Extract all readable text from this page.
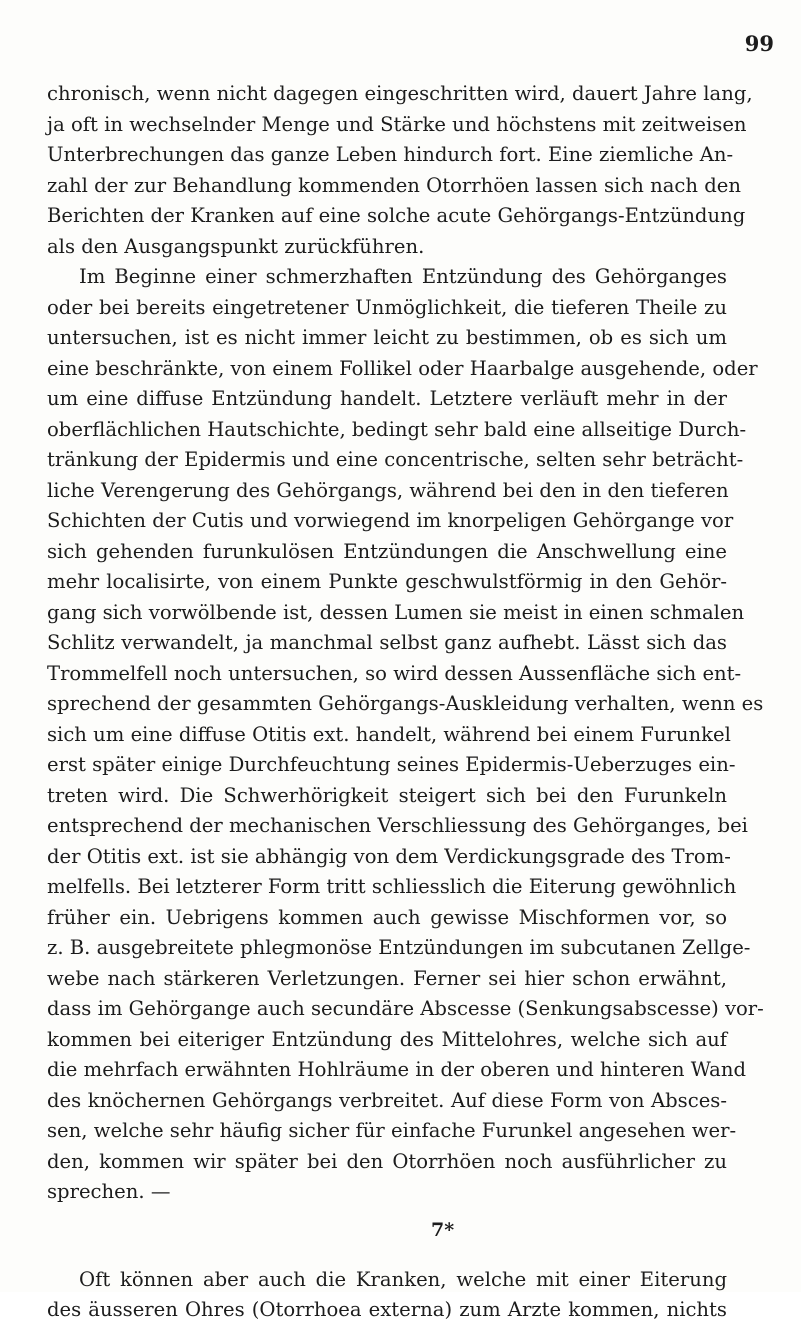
99
chronisch, wenn nicht dagegen eingeschritten wird, dauert Jahre lang,
ja oft in wechselnder Menge und Stärke und höchstens mit zeitweisen
Unterbrechungen das ganze Leben hindurch fort. Eine ziemliche An-
zahl der zur Behandlung kommenden Otorrhöen lassen sich nach den
Berichten der Kranken auf eine solche acute Gehörgangs-Entzündung
als den Ausgangspunkt zurückführen.
Im Beginne einer schmerzhaften Entzündung des Gehörganges
oder bei bereits eingetretener Unmöglichkeit, die tieferen Theile zu
untersuchen, ist es nicht immer leicht zu bestimmen, ob es sich um
eine beschränkte, von einem Follikel oder Haarbalge ausgehende, oder
um eine diffuse Entzündung handelt. Letztere verläuft mehr in der
oberflächlichen Hautschichte, bedingt sehr bald eine allseitige Durch-
tränkung der Epidermis und eine concentrische, selten sehr beträcht-
liche Verengerung des Gehörgangs, während bei den in den tieferen
Schichten der Cutis und vorwiegend im knorpeligen Gehörgange vor
sich gehenden furunkulösen Entzündungen die Anschwellung eine
mehr localisirte, von einem Punkte geschwulstförmig in den Gehör-
gang sich vorwölbende ist, dessen Lumen sie meist in einen schmalen
Schlitz verwandelt, ja manchmal selbst ganz aufhebt. Lässt sich das
Trommelfell noch untersuchen, so wird dessen Aussenfläche sich ent-
sprechend der gesammten Gehörgangs-Auskleidung verhalten, wenn es
sich um eine diffuse Otitis ext. handelt, während bei einem Furunkel
erst später einige Durchfeuchtung seines Epidermis-Ueberzuges ein-
treten wird. Die Schwerhörigkeit steigert sich bei den Furunkeln
entsprechend der mechanischen Verschliessung des Gehörganges, bei
der Otitis ext. ist sie abhängig von dem Verdickungsgrade des Trom-
melfells. Bei letzterer Form tritt schliesslich die Eiterung gewöhnlich
früher ein. Uebrigens kommen auch gewisse Mischformen vor, so
z. B. ausgebreitete phlegmonöse Entzündungen im subcutanen Zellge-
webe nach stärkeren Verletzungen. Ferner sei hier schon erwähnt,
dass im Gehörgange auch secundäre Abscesse (Senkungsabscesse) vor-
kommen bei eiteriger Entzündung des Mittelohres, welche sich auf
die mehrfach erwähnten Hohlräume in der oberen und hinteren Wand
des knöchernen Gehörgangs verbreitet. Auf diese Form von Absces-
sen, welche sehr häufig sicher für einfache Furunkel angesehen wer-
den, kommen wir später bei den Otorrhöen noch ausführlicher zu
sprechen. —
Oft können aber auch die Kranken, welche mit einer Eiterung
des äusseren Ohres (Otorrhoea externa) zum Arzte kommen, nichts
7*
